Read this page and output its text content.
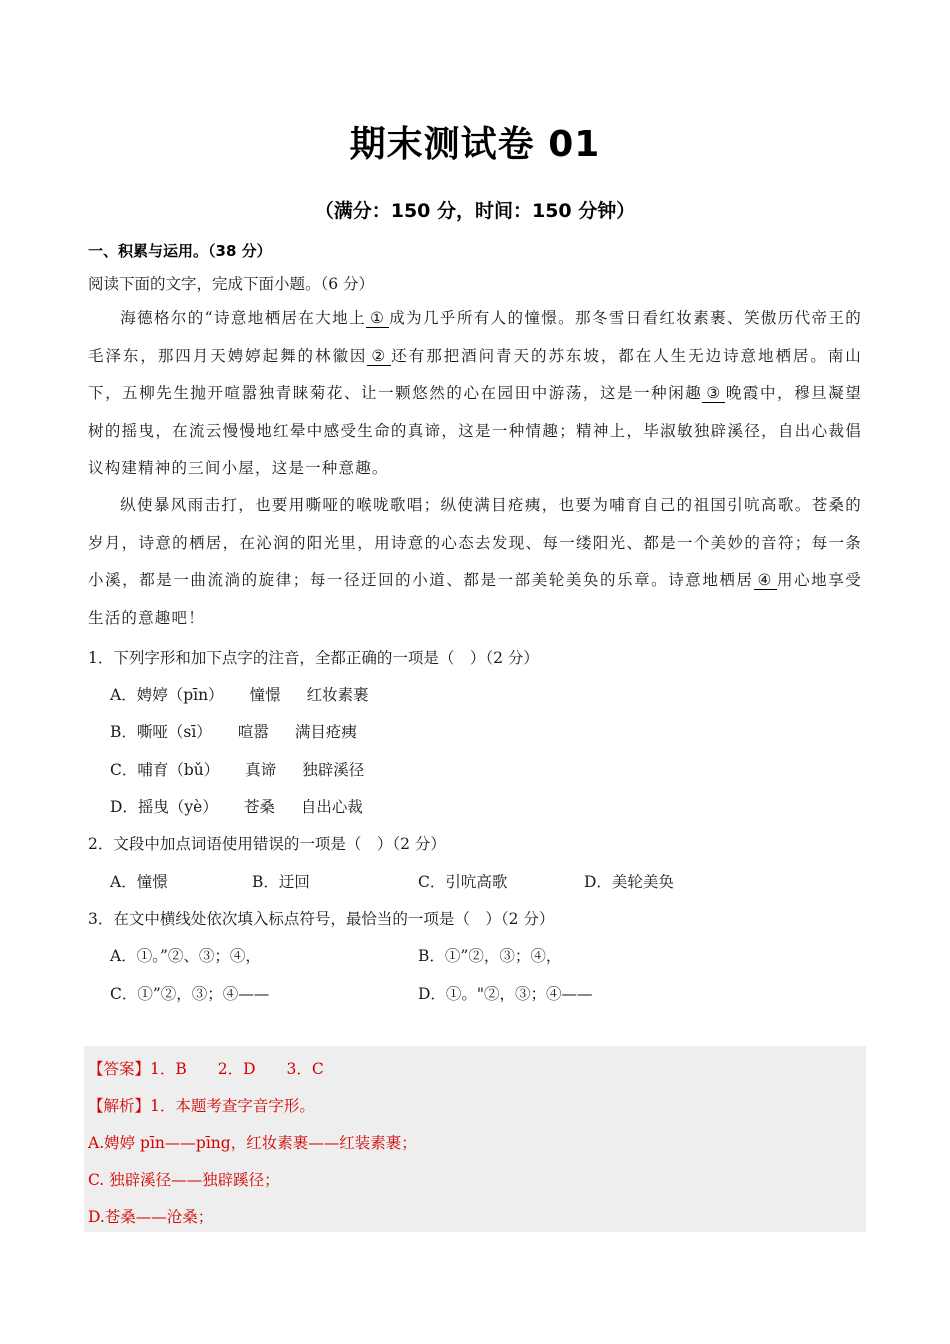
期末测试卷 01
（满分：150 分，时间：150 分钟）
一、积累与运用。（38 分）
阅读下面的文字，完成下面小题。（6 分）
海德格尔的“诗意地栖居在大地上 ① 成为几乎所有人的憧憬。那冬雪日看红妆素裹、笑傲历代帝王的毛泽东，那四月天娉婷起舞的林徽因 ② 还有那把酒问青天的苏东坡，都在人生无边诗意地栖居。南山下，五柳先生抛开喧嚣独青睐菊花、让一颗悠然的心在园田中游荡，这是一种闲趣 ③ 晚霞中，穆旦凝望树的摇曳，在流云慢慢地红晕中感受生命的真谛，这是一种情趣；精神上，毕淑敏独辟溪径，自出心裁倡议构建精神的三间小屋，这是一种意趣。
纵使暴风雨击打，也要用嘶哑的喉咙歌唱；纵使满目疮痍，也要为哺育自己的祖国引吭高歌。苍桑的岁月，诗意的栖居，在沁润的阳光里，用诗意的心态去发现、每一缕阳光、都是一个美妙的音符；每一条小溪，都是一曲流淌的旋律；每一径迂回的小道、都是一部美轮美奂的乐章。诗意地栖居 ④ 用心地享受生活的意趣吧！
1．下列字形和加下点字的注音，全都正确的一项是（　）（2 分）
A．娉婷（pīn） 憧憬 红妆素裹
B．嘶哑（sī） 喧嚣 满目疮痍
C．哺育（bǔ） 真谛 独辟溪径
D．摇曳（yè） 苍桑 自出心裁
2．文段中加点词语使用错误的一项是（　）（2 分）
A．憧憬	B．迂回	C．引吭高歌	D．美轮美奂
3．在文中横线处依次填入标点符号，最恰当的一项是（　）（2 分）
A．①。”②、③；④，	B．①”②，③；④，
C．①”②，③；④——	D．①。"②，③；④——
【答案】1．B　　2．D　　3．C
【解析】1．本题考查字音字形。
A.娉婷 pīn——pīng，红妆素裹——红装素裹；
C. 独辟溪径——独辟蹊径；
D.苍桑——沧桑；
